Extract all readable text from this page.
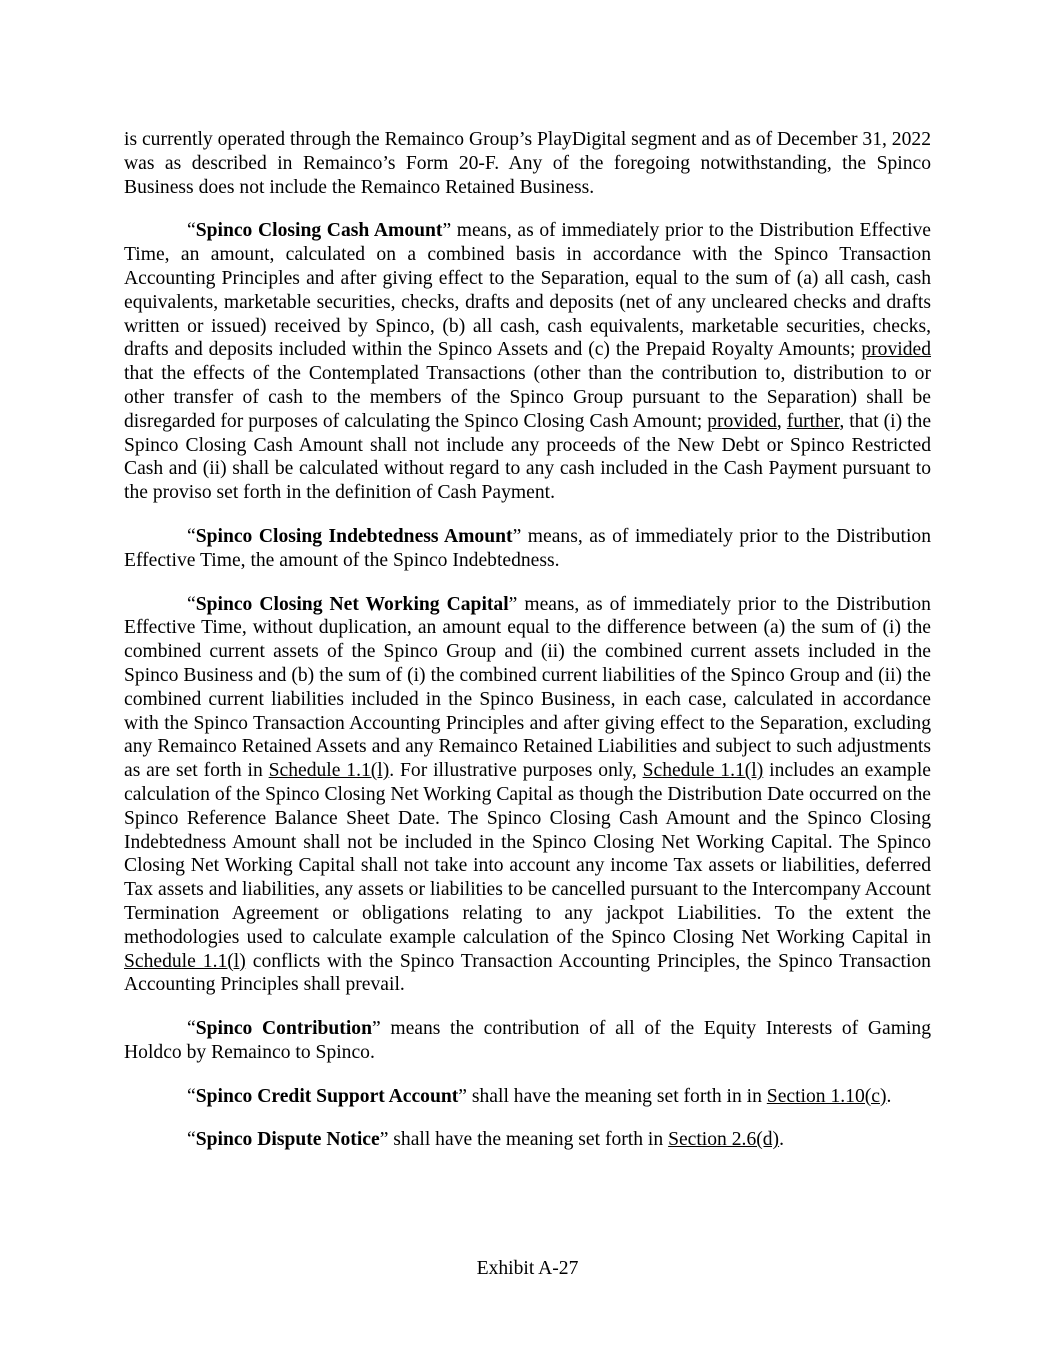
is currently operated through the Remainco Group’s PlayDigital segment and as of December 31, 2022 was as described in Remainco’s Form 20-F. Any of the foregoing notwithstanding, the Spinco Business does not include the Remainco Retained Business.

“Spinco Closing Cash Amount” means, as of immediately prior to the Distribution Effective Time, an amount, calculated on a combined basis in accordance with the Spinco Transaction Accounting Principles and after giving effect to the Separation, equal to the sum of (a) all cash, cash equivalents, marketable securities, checks, drafts and deposits (net of any uncleared checks and drafts written or issued) received by Spinco, (b) all cash, cash equivalents, marketable securities, checks, drafts and deposits included within the Spinco Assets and (c) the Prepaid Royalty Amounts; provided that the effects of the Contemplated Transactions (other than the contribution to, distribution to or other transfer of cash to the members of the Spinco Group pursuant to the Separation) shall be disregarded for purposes of calculating the Spinco Closing Cash Amount; provided, further, that (i) the Spinco Closing Cash Amount shall not include any proceeds of the New Debt or Spinco Restricted Cash and (ii) shall be calculated without regard to any cash included in the Cash Payment pursuant to the proviso set forth in the definition of Cash Payment.

“Spinco Closing Indebtedness Amount” means, as of immediately prior to the Distribution Effective Time, the amount of the Spinco Indebtedness.

“Spinco Closing Net Working Capital” means, as of immediately prior to the Distribution Effective Time, without duplication, an amount equal to the difference between (a) the sum of (i) the combined current assets of the Spinco Group and (ii) the combined current assets included in the Spinco Business and (b) the sum of (i) the combined current liabilities of the Spinco Group and (ii) the combined current liabilities included in the Spinco Business, in each case, calculated in accordance with the Spinco Transaction Accounting Principles and after giving effect to the Separation, excluding any Remainco Retained Assets and any Remainco Retained Liabilities and subject to such adjustments as are set forth in Schedule 1.1(l). For illustrative purposes only, Schedule 1.1(l) includes an example calculation of the Spinco Closing Net Working Capital as though the Distribution Date occurred on the Spinco Reference Balance Sheet Date. The Spinco Closing Cash Amount and the Spinco Closing Indebtedness Amount shall not be included in the Spinco Closing Net Working Capital. The Spinco Closing Net Working Capital shall not take into account any income Tax assets or liabilities, deferred Tax assets and liabilities, any assets or liabilities to be cancelled pursuant to the Intercompany Account Termination Agreement or obligations relating to any jackpot Liabilities. To the extent the methodologies used to calculate example calculation of the Spinco Closing Net Working Capital in Schedule 1.1(l) conflicts with the Spinco Transaction Accounting Principles, the Spinco Transaction Accounting Principles shall prevail.

“Spinco Contribution” means the contribution of all of the Equity Interests of Gaming Holdco by Remainco to Spinco.

“Spinco Credit Support Account” shall have the meaning set forth in in Section 1.10(c).

“Spinco Dispute Notice” shall have the meaning set forth in Section 2.6(d).

Exhibit A-27
